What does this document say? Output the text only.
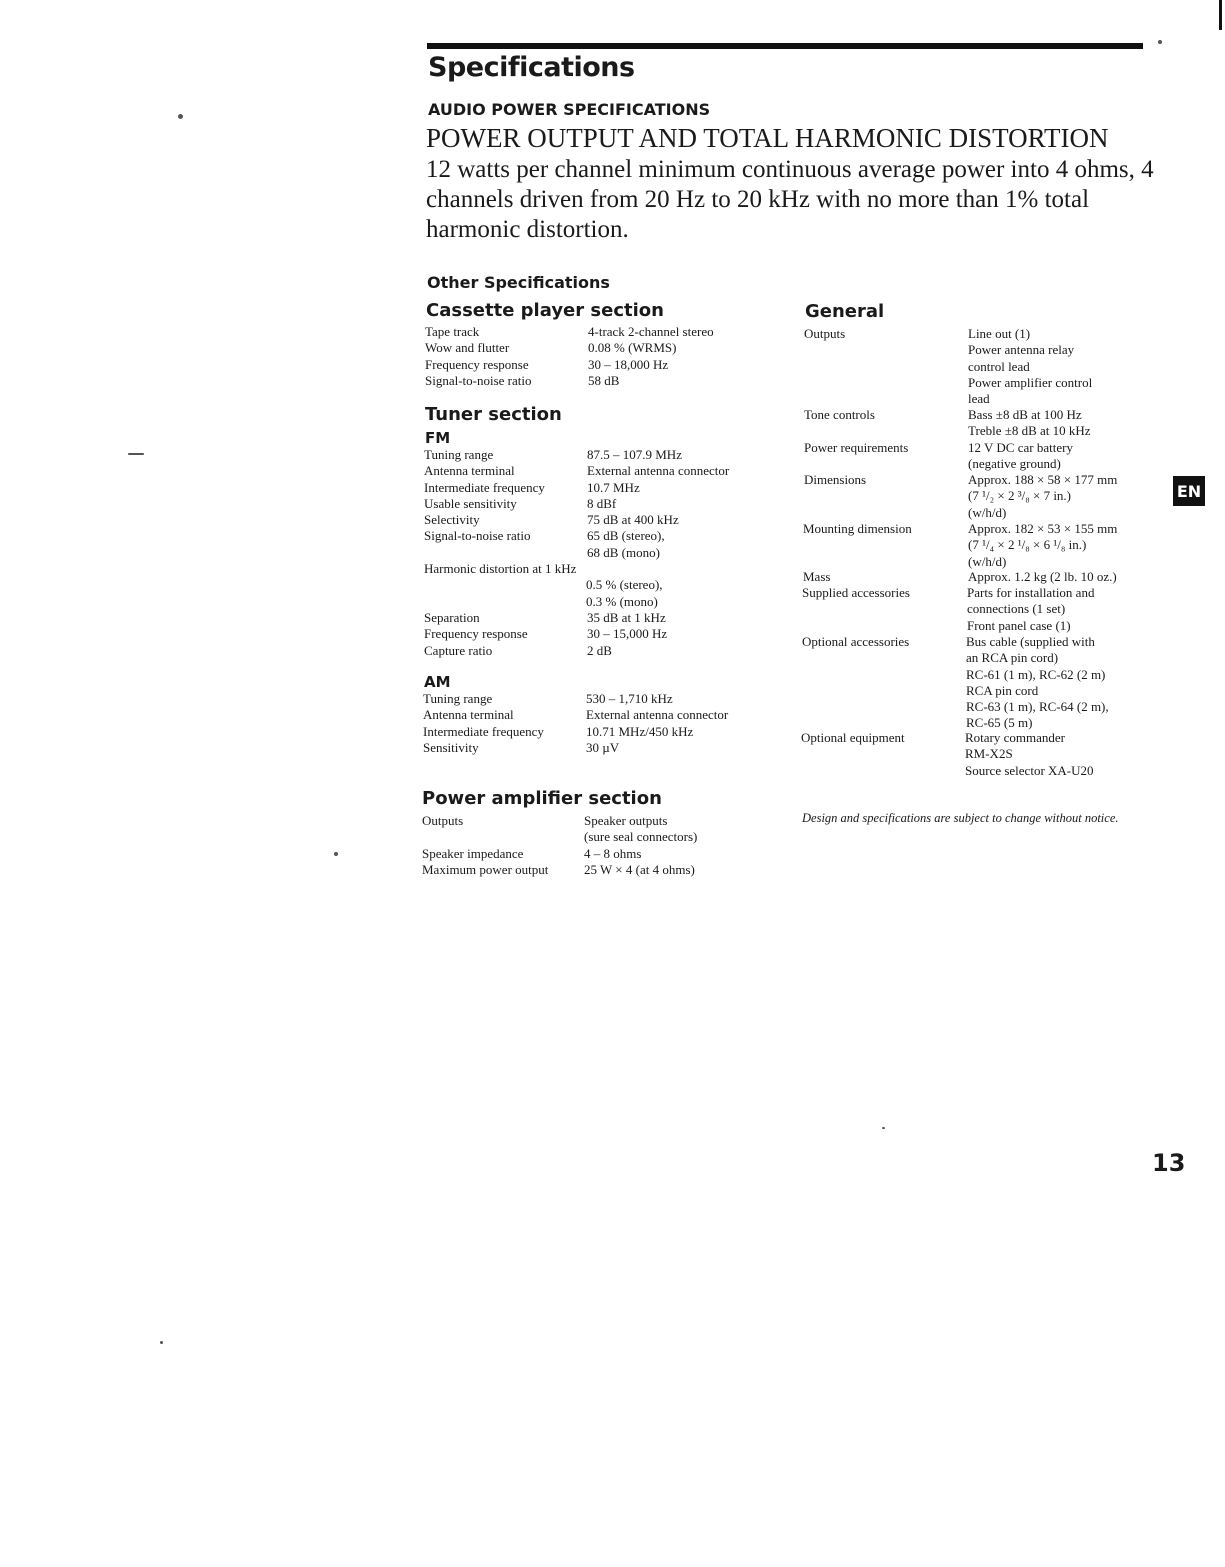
Specifications
AUDIO POWER SPECIFICATIONS
POWER OUTPUT AND TOTAL HARMONIC DISTORTION
12 watts per channel minimum continuous average power into 4 ohms, 4 channels driven from 20 Hz to 20 kHz with no more than 1% total harmonic distortion.
Other Specifications
Cassette player section
Tape track	4-track 2-channel stereo
Wow and flutter	0.08 % (WRMS)
Frequency response	30 – 18,000 Hz
Signal-to-noise ratio	58 dB
Tuner section
FM
Tuning range	87.5 – 107.9 MHz
Antenna terminal	External antenna connector
Intermediate frequency	10.7 MHz
Usable sensitivity	8 dBf
Selectivity	75 dB at 400 kHz
Signal-to-noise ratio	65 dB (stereo),
68 dB (mono)
Harmonic distortion at 1 kHz
0.5 % (stereo),
0.3 % (mono)
Separation	35 dB at 1 kHz
Frequency response	30 – 15,000 Hz
Capture ratio	2 dB
AM
Tuning range	530 – 1,710 kHz
Antenna terminal	External antenna connector
Intermediate frequency	10.71 MHz/450 kHz
Sensitivity	30 µV
Power amplifier section
Outputs	Speaker outputs
(sure seal connectors)
Speaker impedance	4 – 8 ohms
Maximum power output	25 W × 4 (at 4 ohms)
General
Outputs	Line out (1)
Power antenna relay
control lead
Power amplifier control
lead
Tone controls	Bass ±8 dB at 100 Hz
Treble ±8 dB at 10 kHz
Power requirements	12 V DC car battery
(negative ground)
Dimensions	Approx. 188 × 58 × 177 mm
(7 ¹/₂ × 2 ³/₈ × 7 in.)
(w/h/d)
Mounting dimension	Approx. 182 × 53 × 155 mm
(7 ¹/₄ × 2 ¹/₈ × 6 ¹/₈ in.)
(w/h/d)
Mass	Approx. 1.2 kg (2 lb. 10 oz.)
Supplied accessories	Parts for installation and
connections (1 set)
Front panel case (1)
Optional accessories	Bus cable (supplied with
an RCA pin cord)
RC-61 (1 m), RC-62 (2 m)
RCA pin cord
RC-63 (1 m), RC-64 (2 m),
RC-65 (5 m)
Optional equipment	Rotary commander
RM-X2S
Source selector XA-U20
Design and specifications are subject to change without notice.
EN
13
